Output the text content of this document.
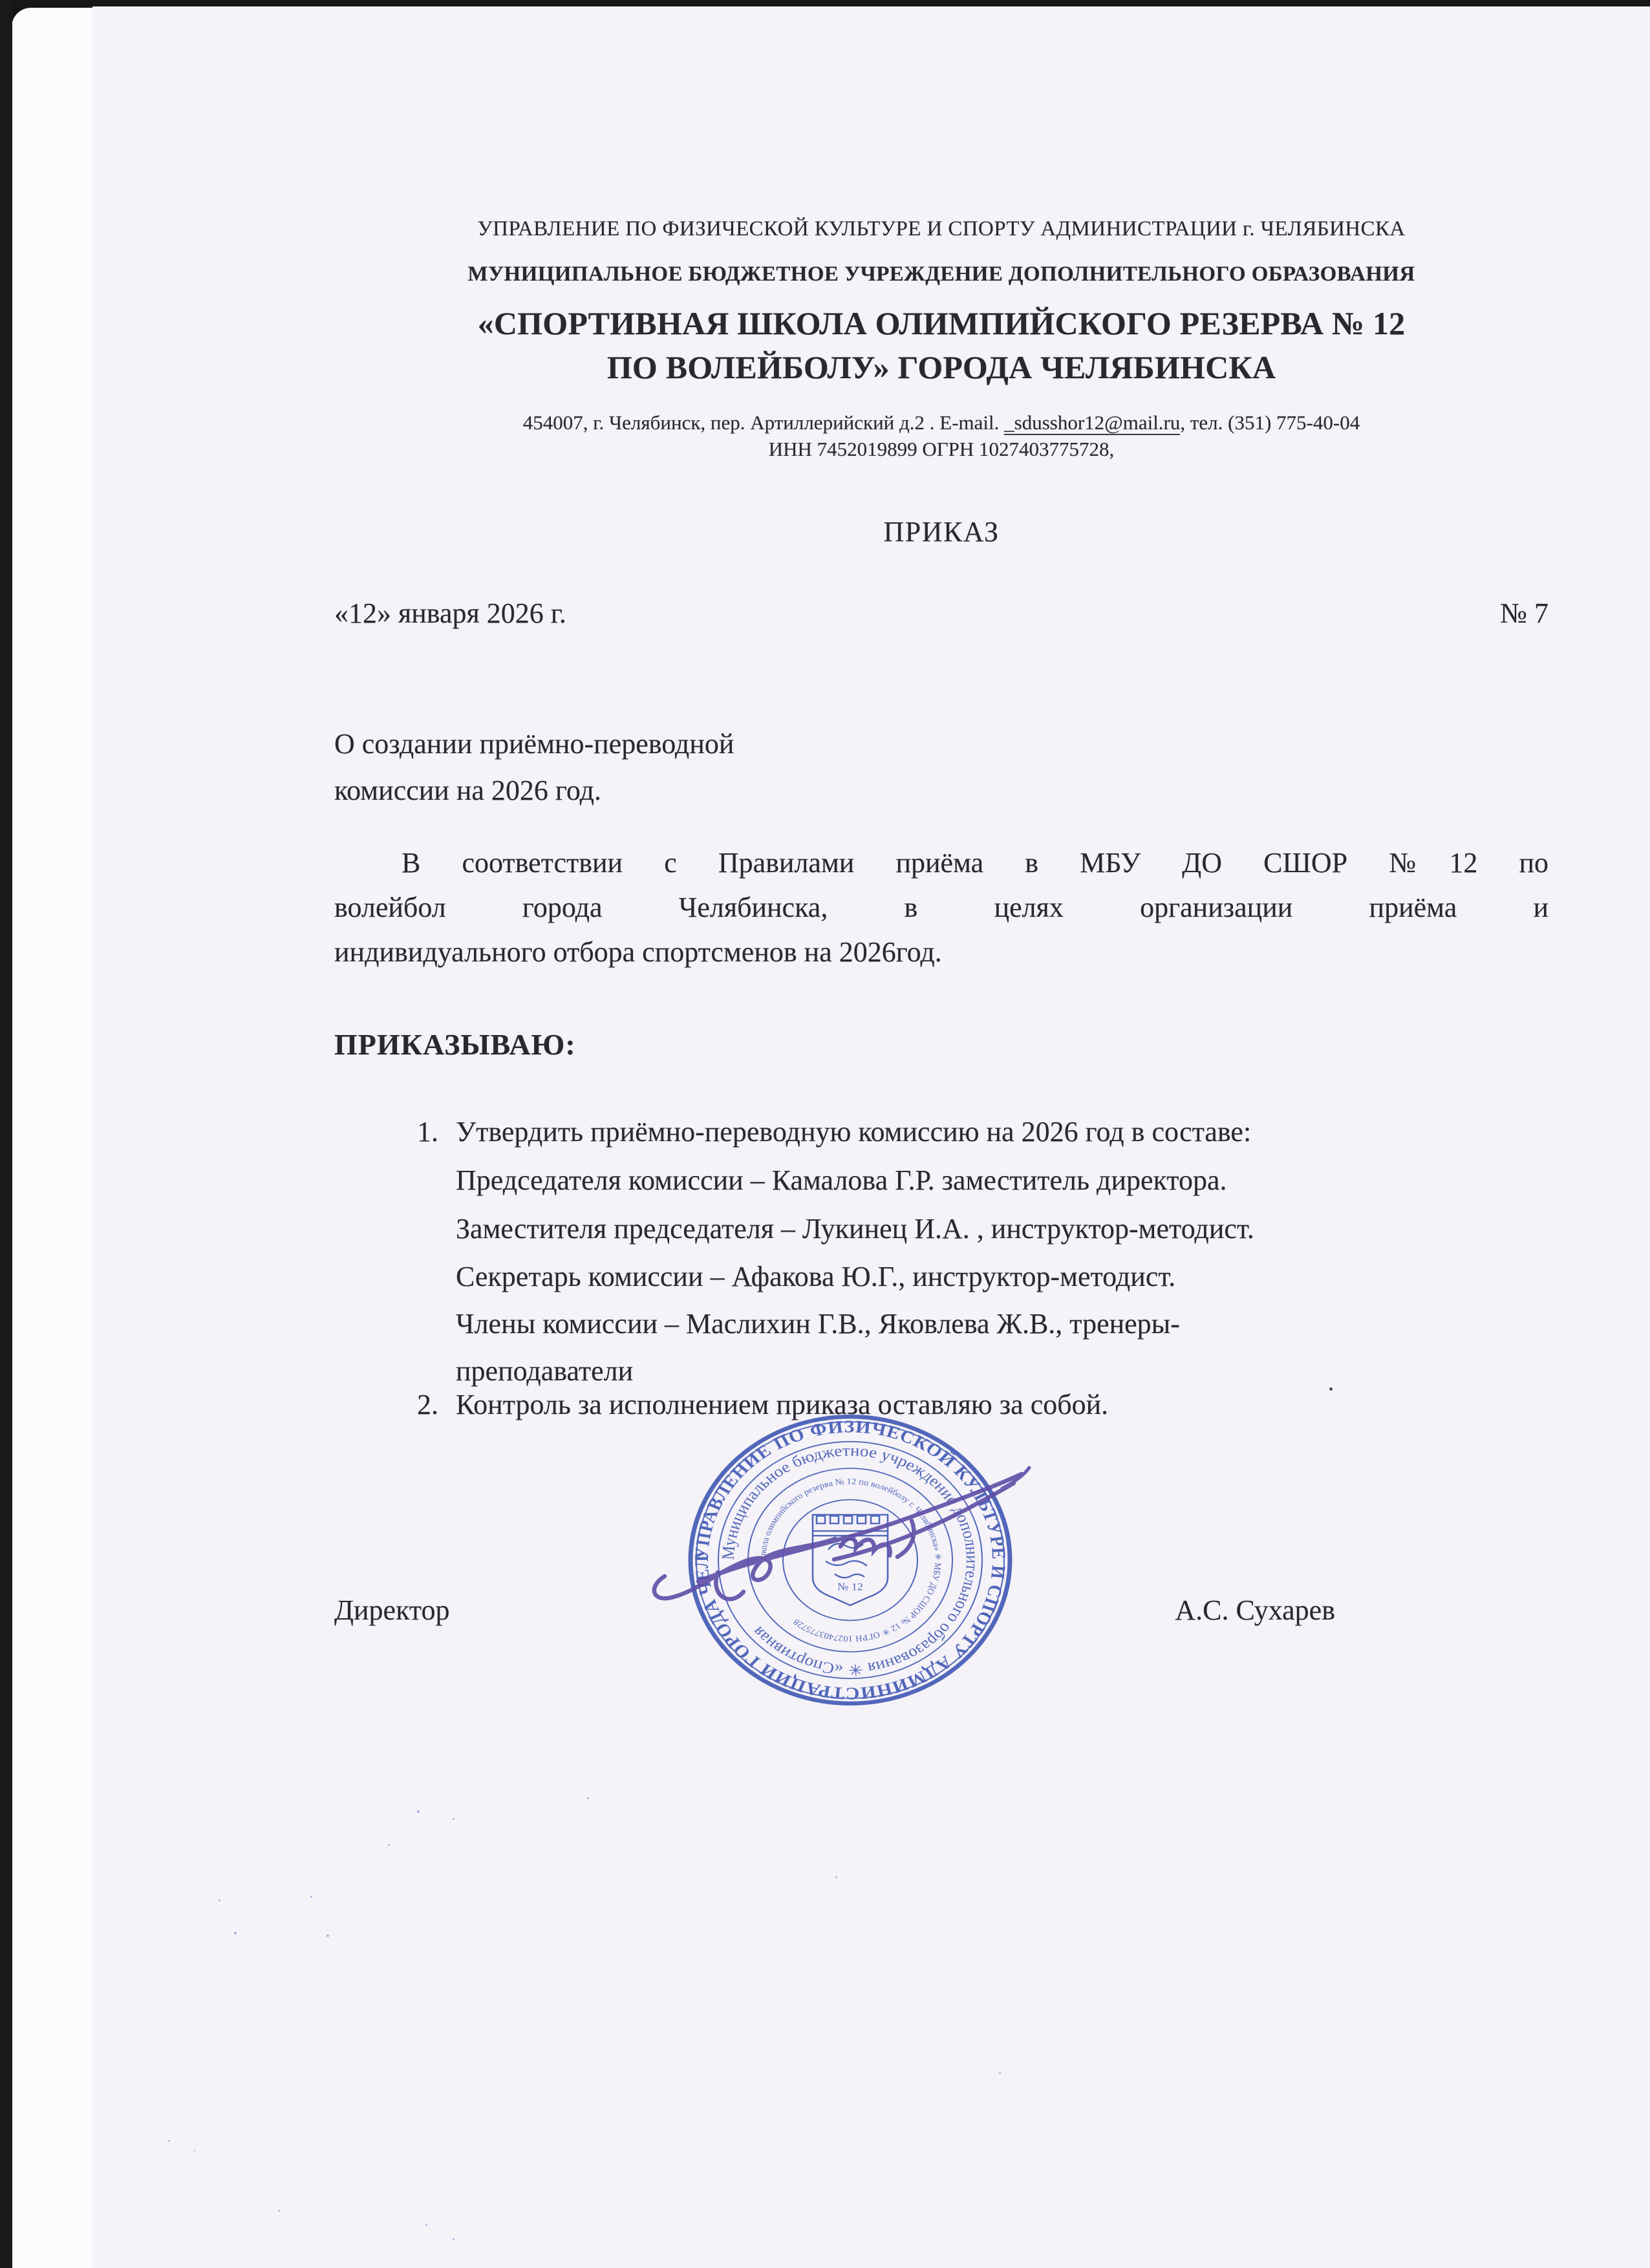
УПРАВЛЕНИЕ ПО ФИЗИЧЕСКОЙ КУЛЬТУРЕ И СПОРТУ АДМИНИСТРАЦИИ г. ЧЕЛЯБИНСКА
МУНИЦИПАЛЬНОЕ БЮДЖЕТНОЕ УЧРЕЖДЕНИЕ ДОПОЛНИТЕЛЬНОГО ОБРАЗОВАНИЯ
«СПОРТИВНАЯ ШКОЛА ОЛИМПИЙСКОГО РЕЗЕРВА № 12
ПО ВОЛЕЙБОЛУ» ГОРОДА ЧЕЛЯБИНСКА
454007, г. Челябинск, пер. Артиллерийский д.2 . E-mail. _sdusshor12@mail.ru, тел. (351) 775-40-04
ИНН 7452019899 ОГРН 1027403775728,
ПРИКАЗ
«12» января 2026 г.	№ 7
О создании приёмно-переводной
комиссии на 2026 год.
В соответствии с Правилами приёма в МБУ ДО СШОР №12 по
волейбол города Челябинска, в целях организации приёма и
индивидуального отбора спортсменов на 2026год.
ПРИКАЗЫВАЮ:
1. Утвердить приёмно-переводную комиссию на 2026 год в составе:
Председателя комиссии – Камалова Г.Р. заместитель директора.
Заместителя председателя – Лукинец И.А. , инструктор-методист.
Секретарь комиссии – Афакова Ю.Г., инструктор-методист.
Члены комиссии – Маслихин Г.В., Яковлева Ж.В., тренеры-
преподаватели
2. Контроль за исполнением приказа оставляю за собой.
Директор	А.С. Сухарев
УПРАВЛЕНИЕ ПО ФИЗИЧЕСКОЙ КУЛЬТУРЕ И СПОРТУ АДМИНИСТРАЦИИ ГОРОДА ЧЕЛЯБИНСКА ✳
Муниципальное бюджетное учреждение дополнительного образования ✳ «Спортивная
школа олимпийского резерва № 12 по волейболу г. Челябинска» ✳ МБУ ДО СШОР № 12 ✳ ОГРН 1027403775728
№ 12
